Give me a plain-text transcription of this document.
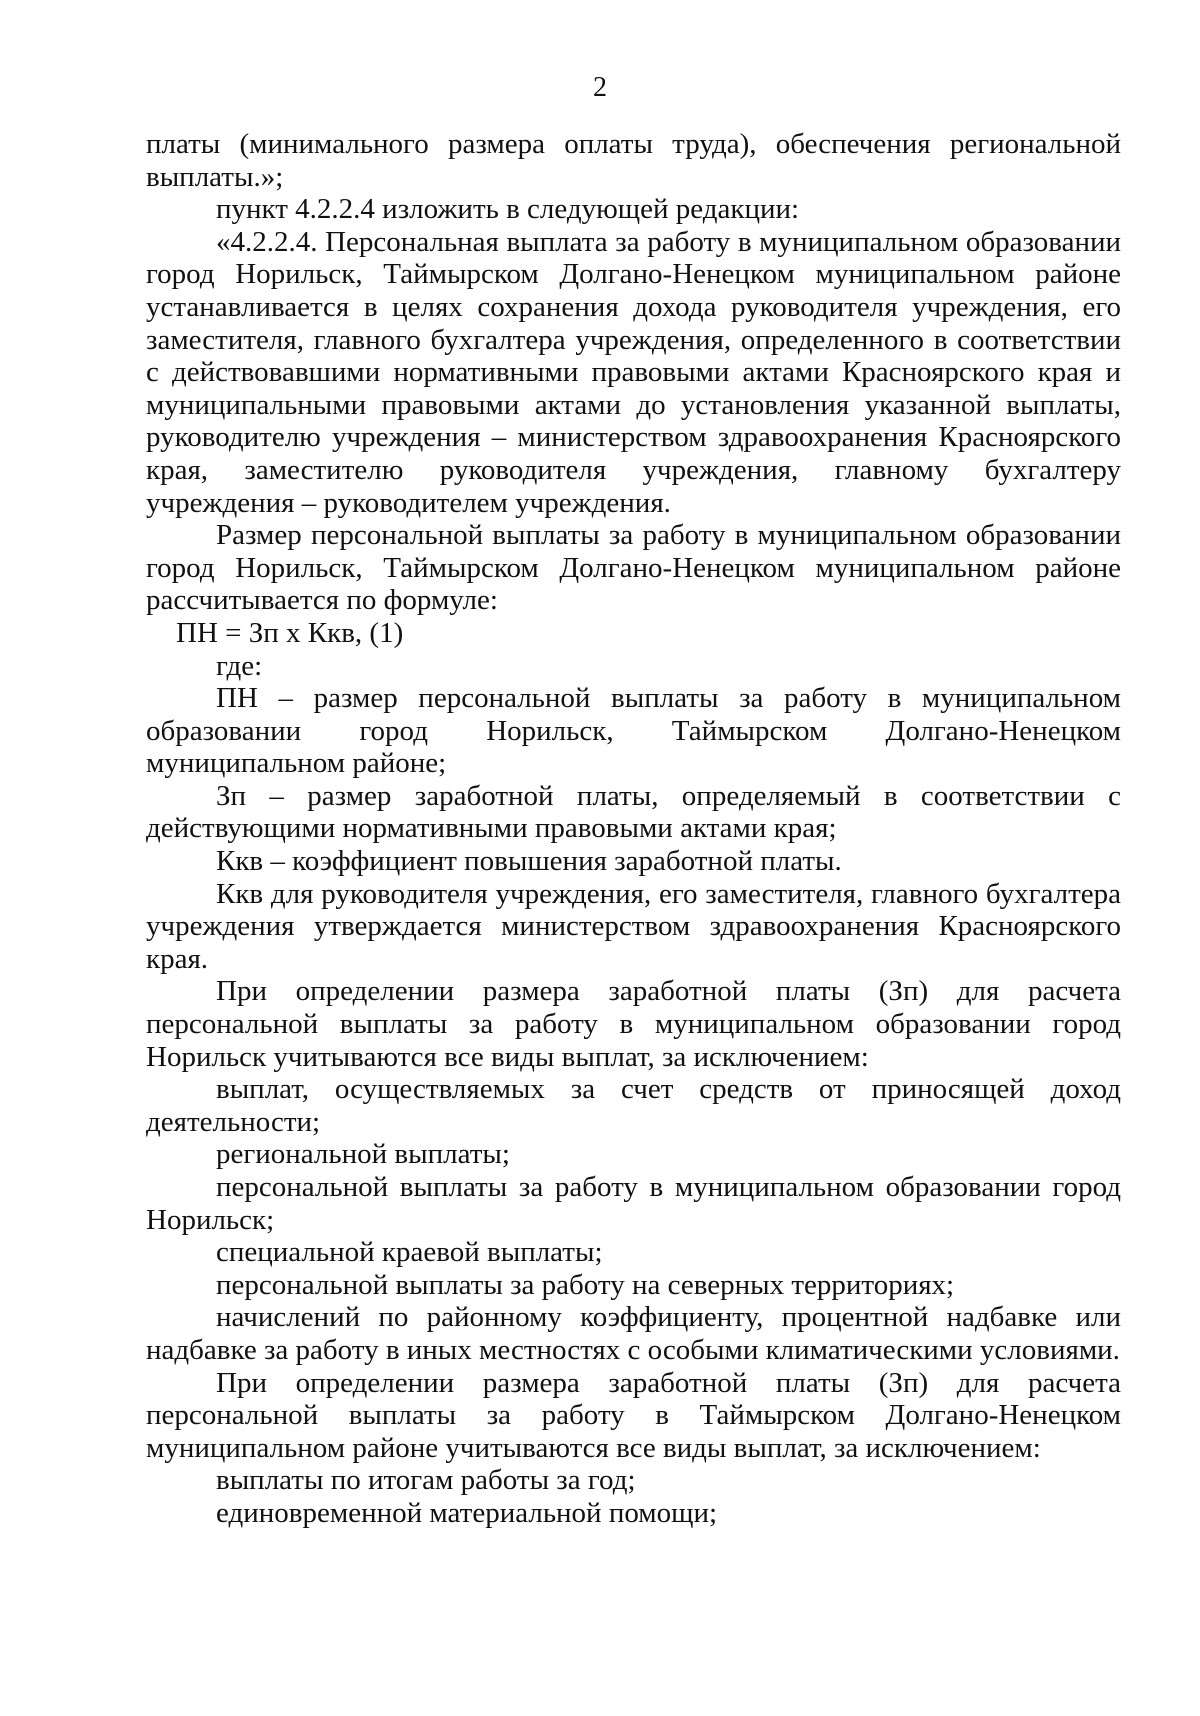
2

платы (минимального размера оплаты труда), обеспечения региональной выплаты.»;

пункт 4.2.2.4 изложить в следующей редакции:

«4.2.2.4. Персональная выплата за работу в муниципальном образовании город Норильск, Таймырском Долгано-Ненецком муниципальном районе устанавливается в целях сохранения дохода руководителя учреждения, его заместителя, главного бухгалтера учреждения, определенного в соответствии с действовавшими нормативными правовыми актами Красноярского края и муниципальными правовыми актами до установления указанной выплаты, руководителю учреждения – министерством здравоохранения Красноярского края, заместителю руководителя учреждения, главному бухгалтеру учреждения – руководителем учреждения.

Размер персональной выплаты за работу в муниципальном образовании город Норильск, Таймырском Долгано-Ненецком муниципальном районе рассчитывается по формуле:

ПН = Зп x Ккв, (1)

где:

ПН – размер персональной выплаты за работу в муниципальном образовании город Норильск, Таймырском Долгано-Ненецком муниципальном районе;

Зп – размер заработной платы, определяемый в соответствии с действующими нормативными правовыми актами края;

Ккв – коэффициент повышения заработной платы.

Ккв для руководителя учреждения, его заместителя, главного бухгалтера учреждения утверждается министерством здравоохранения Красноярского края.

При определении размера заработной платы (Зп) для расчета персональной выплаты за работу в муниципальном образовании город Норильск учитываются все виды выплат, за исключением:

выплат, осуществляемых за счет средств от приносящей доход деятельности;

региональной выплаты;

персональной выплаты за работу в муниципальном образовании город Норильск;

специальной краевой выплаты;

персональной выплаты за работу на северных территориях;

начислений по районному коэффициенту, процентной надбавке или надбавке за работу в иных местностях с особыми климатическими условиями.

При определении размера заработной платы (Зп) для расчета персональной выплаты за работу в Таймырском Долгано-Ненецком муниципальном районе учитываются все виды выплат, за исключением:

выплаты по итогам работы за год;

единовременной материальной помощи;
